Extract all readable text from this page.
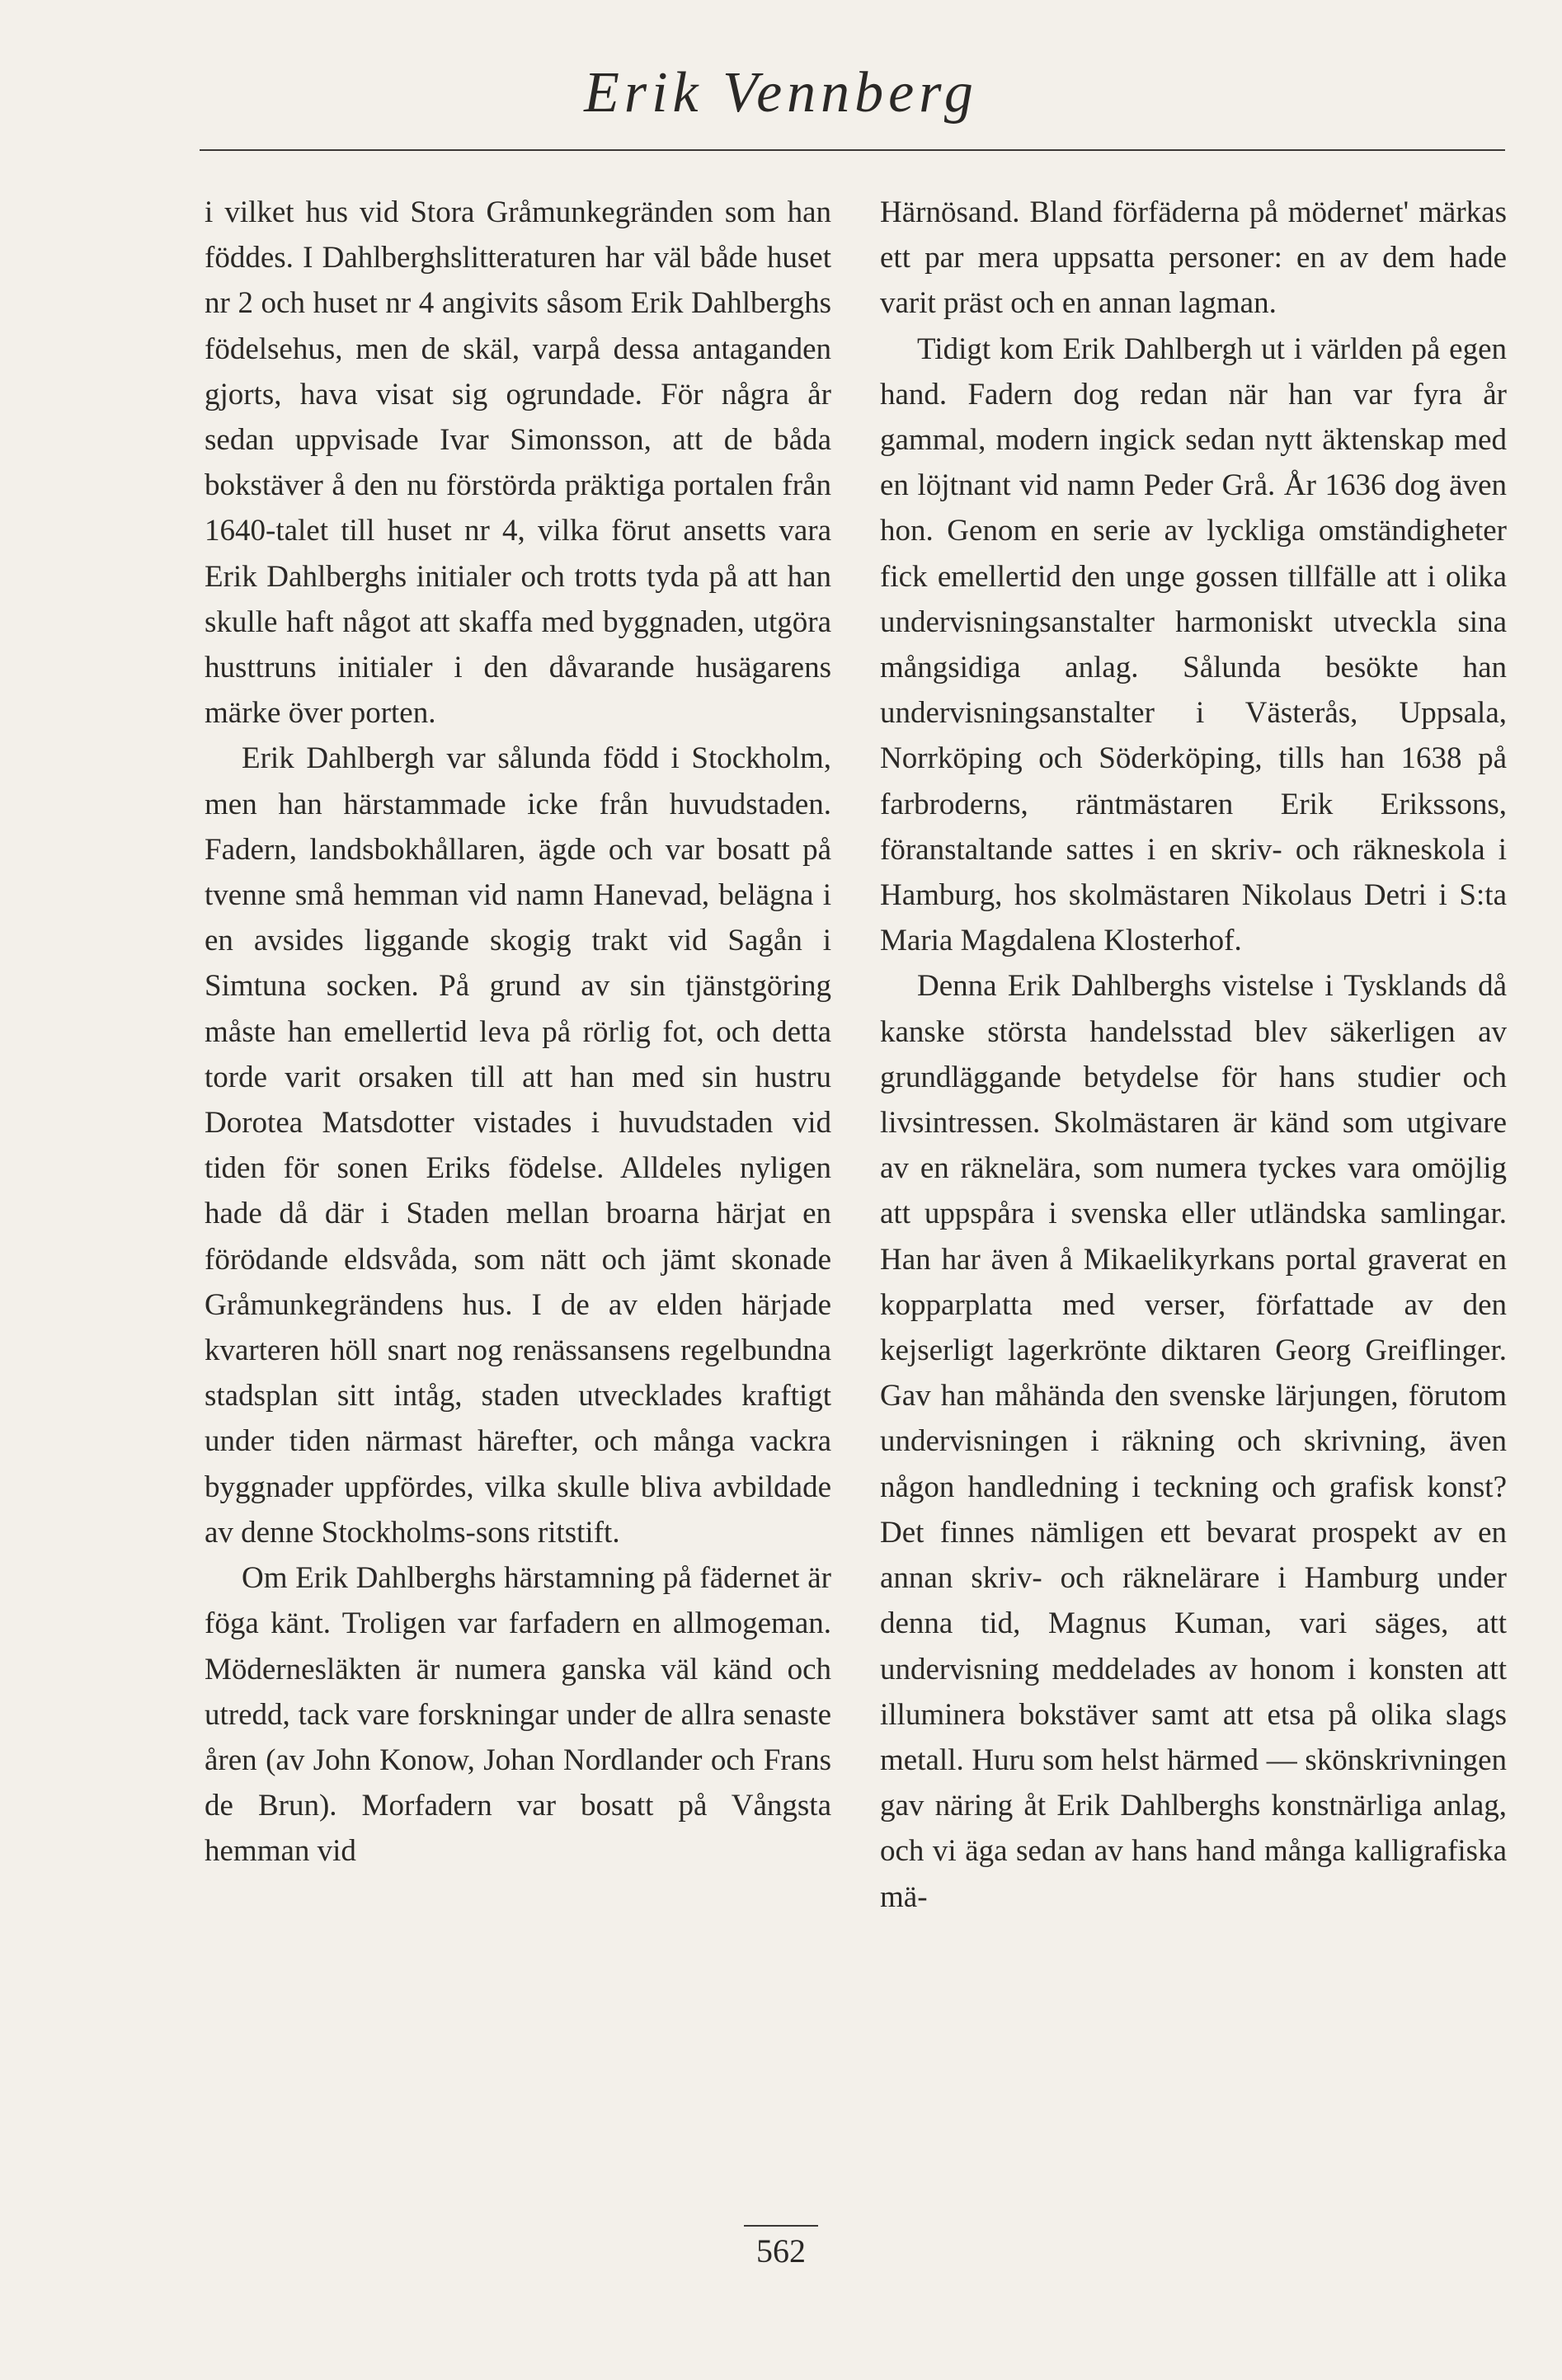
Erik Vennberg

i vilket hus vid Stora Gråmunkegränden som han föddes. I Dahlberghslitteraturen har väl både huset nr 2 och huset nr 4 angivits såsom Erik Dahlberghs födelsehus, men de skäl, varpå dessa antaganden gjorts, hava visat sig ogrundade. För några år sedan uppvisade Ivar Simonsson, att de båda bokstäver å den nu förstörda präktiga portalen från 1640-talet till huset nr 4, vilka förut ansetts vara Erik Dahlberghs initialer och trotts tyda på att han skulle haft något att skaffa med byggnaden, utgöra husttruns initialer i den dåvarande husägarens märke över porten.

Erik Dahlbergh var sålunda född i Stockholm, men han härstammade icke från huvudstaden. Fadern, landsbokhållaren, ägde och var bosatt på tvenne små hemman vid namn Hanevad, belägna i en avsides liggande skogig trakt vid Sagån i Simtuna socken. På grund av sin tjänstgöring måste han emellertid leva på rörlig fot, och detta torde varit orsaken till att han med sin hustru Dorotea Matsdotter vistades i huvudstaden vid tiden för sonen Eriks födelse. Alldeles nyligen hade då där i Staden mellan broarna härjat en förödande eldsvåda, som nätt och jämt skonade Gråmunkegrändens hus. I de av elden härjade kvarteren höll snart nog renässansens regelbundna stadsplan sitt intåg, staden utvecklades kraftigt under tiden närmast härefter, och många vackra byggnader uppfördes, vilka skulle bliva avbildade av denne Stockholms-sons ritstift.

Om Erik Dahlberghs härstamning på fädernet är föga känt. Troligen var farfadern en allmogeman. Mödernesläkten är numera ganska väl känd och utredd, tack vare forskningar under de allra senaste åren (av John Konow, Johan Nordlander och Frans de Brun). Morfadern var bosatt på Vångsta hemman vid

Härnösand. Bland förfäderna på mödernet' märkas ett par mera uppsatta personer: en av dem hade varit präst och en annan lagman.

Tidigt kom Erik Dahlbergh ut i världen på egen hand. Fadern dog redan när han var fyra år gammal, modern ingick sedan nytt äktenskap med en löjtnant vid namn Peder Grå. År 1636 dog även hon. Genom en serie av lyckliga omständigheter fick emellertid den unge gossen tillfälle att i olika undervisningsanstalter harmoniskt utveckla sina mångsidiga anlag. Sålunda besökte han undervisningsanstalter i Västerås, Uppsala, Norrköping och Söderköping, tills han 1638 på farbroderns, räntmästaren Erik Erikssons, föranstaltande sattes i en skriv- och räkneskola i Hamburg, hos skolmästaren Nikolaus Detri i S:ta Maria Magdalena Klosterhof.

Denna Erik Dahlberghs vistelse i Tysklands då kanske största handelsstad blev säkerligen av grundläggande betydelse för hans studier och livsintressen. Skolmästaren är känd som utgivare av en räknelära, som numera tyckes vara omöjlig att uppspåra i svenska eller utländska samlingar. Han har även å Mikaelikyrkans portal graverat en kopparplatta med verser, författade av den kejserligt lagerkrönte diktaren Georg Greiflinger. Gav han måhända den svenske lärjungen, förutom undervisningen i räkning och skrivning, även någon handledning i teckning och grafisk konst? Det finnes nämligen ett bevarat prospekt av en annan skriv- och räknelärare i Hamburg under denna tid, Magnus Kuman, vari säges, att undervisning meddelades av honom i konsten att illuminera bokstäver samt att etsa på olika slags metall. Huru som helst härmed — skönskrivningen gav näring åt Erik Dahlberghs konstnärliga anlag, och vi äga sedan av hans hand många kalligrafiska mä-

562
